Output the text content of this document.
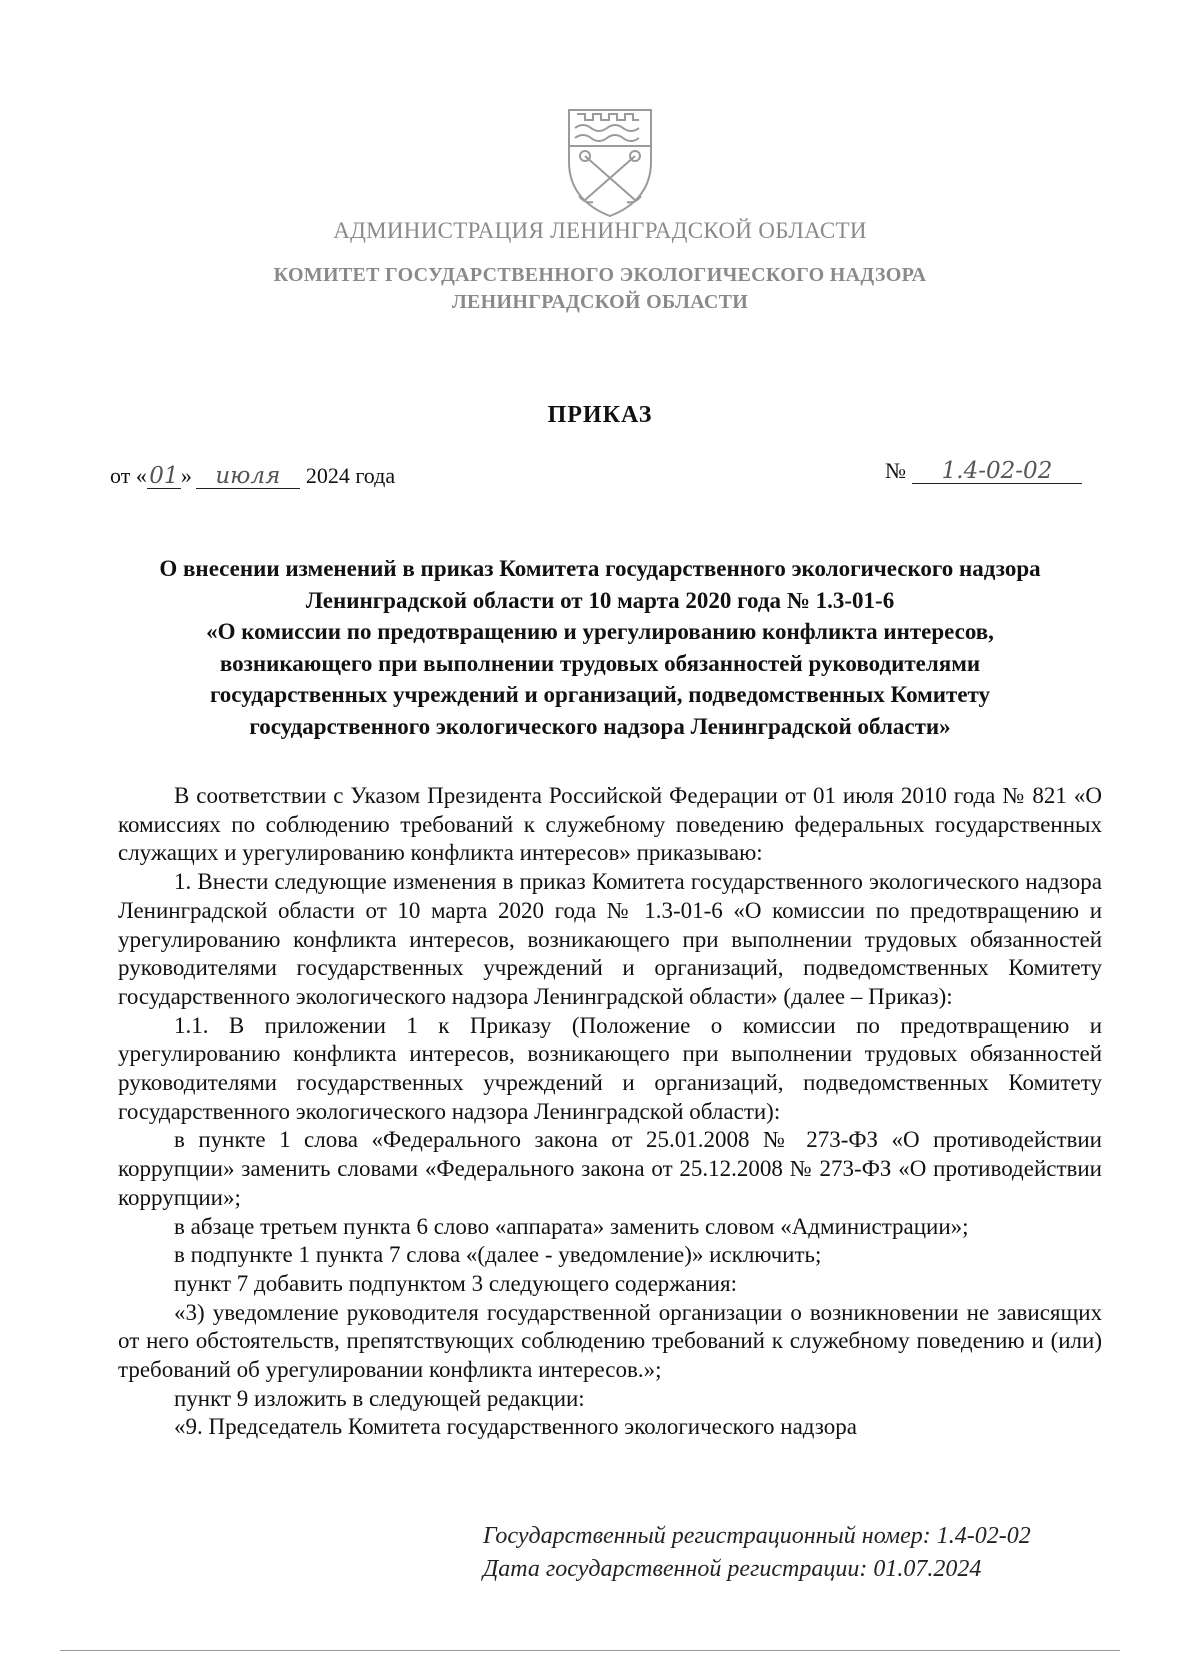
АДМИНИСТРАЦИЯ ЛЕНИНГРАДСКОЙ ОБЛАСТИ
КОМИТЕТ ГОСУДАРСТВЕННОГО ЭКОЛОГИЧЕСКОГО НАДЗОРА
ЛЕНИНГРАДСКОЙ ОБЛАСТИ
ПРИКАЗ
от « 01 » июля 2024 года	№ 1.4-02-02
О внесении изменений в приказ Комитета государственного экологического надзора
Ленинградской области от 10 марта 2020 года № 1.3-01-6
«О комиссии по предотвращению и урегулированию конфликта интересов,
возникающего при выполнении трудовых обязанностей руководителями
государственных учреждений и организаций, подведомственных Комитету
государственного экологического надзора Ленинградской области»

В соответствии с Указом Президента Российской Федерации от 01 июля 2010 года № 821 «О комиссиях по соблюдению требований к служебному поведению федеральных государственных служащих и урегулированию конфликта интересов» приказываю:

1. Внести следующие изменения в приказ Комитета государственного экологического надзора Ленинградской области от 10 марта 2020 года № 1.3-01-6 «О комиссии по предотвращению и урегулированию конфликта интересов, возникающего при выполнении трудовых обязанностей руководителями государственных учреждений и организаций, подведомственных Комитету государственного экологического надзора Ленинградской области» (далее – Приказ):

1.1. В приложении 1 к Приказу (Положение о комиссии по предотвращению и урегулированию конфликта интересов, возникающего при выполнении трудовых обязанностей руководителями государственных учреждений и организаций, подведомственных Комитету государственного экологического надзора Ленинградской области):

в пункте 1 слова «Федерального закона от 25.01.2008 № 273-ФЗ «О противодействии коррупции» заменить словами «Федерального закона от 25.12.2008 № 273-ФЗ «О противодействии коррупции»;

в абзаце третьем пункта 6 слово «аппарата» заменить словом «Администрации»;

в подпункте 1 пункта 7 слова «(далее - уведомление)» исключить;

пункт 7 добавить подпунктом 3 следующего содержания:

«3) уведомление руководителя государственной организации о возникновении не зависящих от него обстоятельств, препятствующих соблюдению требований к служебному поведению и (или) требований об урегулировании конфликта интересов.»;

пункт 9 изложить в следующей редакции:

«9. Председатель Комитета государственного экологического надзора

Государственный регистрационный номер: 1.4-02-02
Дата государственной регистрации: 01.07.2024
